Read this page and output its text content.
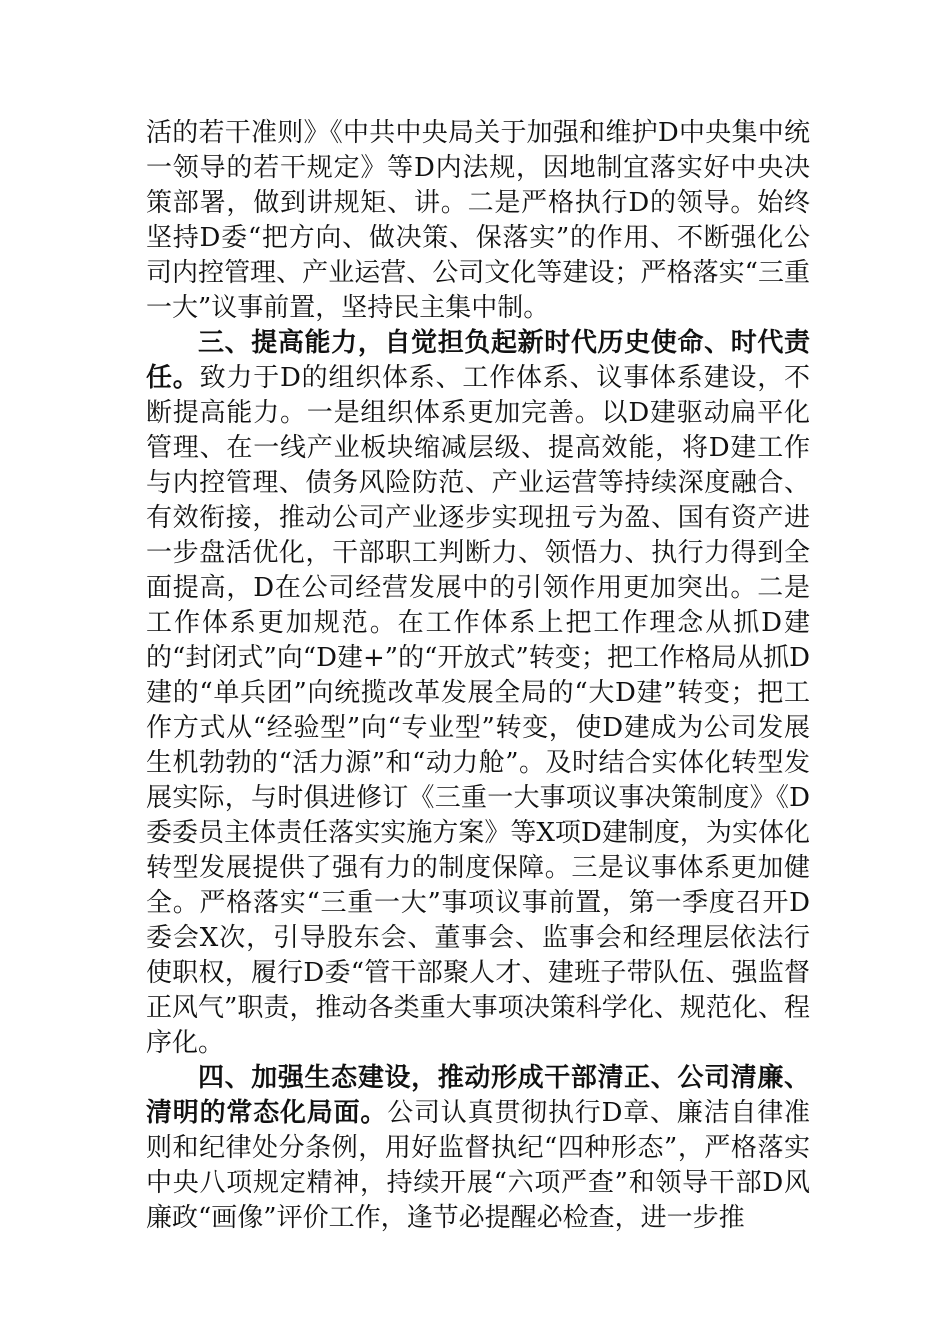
活的若干准则》《中共中央局关于加强和维护D中央集中统一领导的若干规定》等D内法规，因地制宜落实好中央决策部署，做到讲规矩、讲。二是严格执行D的领导。始终坚持D委“把方向、做决策、保落实”的作用、不断强化公司内控管理、产业运营、公司文化等建设；严格落实“三重一大”议事前置，坚持民主集中制。

三、提高能力，自觉担负起新时代历史使命、时代责任。致力于D的组织体系、工作体系、议事体系建设，不断提高能力。一是组织体系更加完善。以D建驱动扁平化管理、在一线产业板块缩减层级、提高效能，将D建工作与内控管理、债务风险防范、产业运营等持续深度融合、有效衔接，推动公司产业逐步实现扭亏为盈、国有资产进一步盘活优化，干部职工判断力、领悟力、执行力得到全面提高，D在公司经营发展中的引领作用更加突出。二是工作体系更加规范。在工作体系上把工作理念从抓D建的“封闭式”向“D建+”的“开放式”转变；把工作格局从抓D建的“单兵团”向统揽改革发展全局的“大D建”转变；把工作方式从“经验型”向“专业型”转变，使D建成为公司发展生机勃勃的“活力源”和“动力舱”。及时结合实体化转型发展实际，与时俱进修订《三重一大事项议事决策制度》《D委委员主体责任落实实施方案》等X项D建制度，为实体化转型发展提供了强有力的制度保障。三是议事体系更加健全。严格落实“三重一大”事项议事前置，第一季度召开D委会X次，引导股东会、董事会、监事会和经理层依法行使职权，履行D委“管干部聚人才、建班子带队伍、强监督正风气”职责，推动各类重大事项决策科学化、规范化、程序化。

四、加强生态建设，推动形成干部清正、公司清廉、清明的常态化局面。公司认真贯彻执行D章、廉洁自律准则和纪律处分条例，用好监督执纪“四种形态”，严格落实中央八项规定精神，持续开展“六项严查”和领导干部D风廉政“画像”评价工作，逢节必提醒必检查，进一步推
